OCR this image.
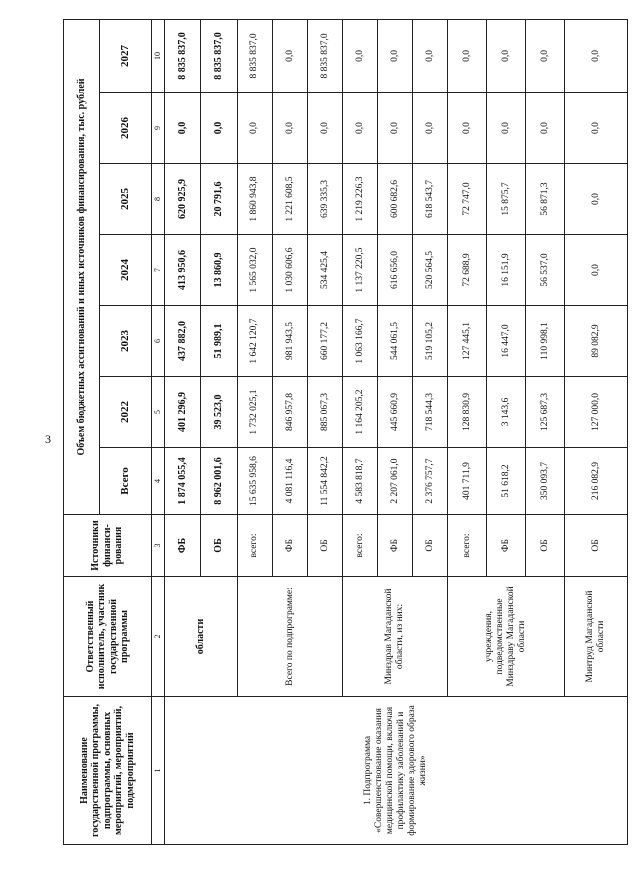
3
Наименование государственной программы, подпрограммы, основных мероприятий, мероприятий, подмероприятий	Ответственный исполнитель, участник государственной программы	Источники финанси-рования	Объем бюджетных ассигнований и иных источников финансирования, тыс. рублей						
			Всего	2022	2023	2024	2025	2026	2027
1	2	3	4	5	6	7	8	9	10
1. Подпрограмма «Совершенствование оказания медицинской помощи, включая профилактику заболеваний и формирование здорового образа жизни»	области	ФБ	1 874 055,4	401 296,9	437 882,0	413 950,6	620 925,9	0,0	8 835 837,0
		ОБ	8 962 001,6	39 523,0	51 989,1	13 860,9	20 791,6	0,0	8 835 837,0
	Всего по подпрограмме:	всего:	15 635 958,6	1 732 025,1	1 642 120,7	1 565 032,0	1 860 943,8	0,0	8 835 837,0
		ФБ	4 081 116,4	846 957,8	981 943,5	1 030 606,6	1 221 608,5	0,0	0,0
		ОБ	11 554 842,2	885 067,3	660 177,2	534 425,4	639 335,3	0,0	8 835 837,0
	Минздрав Магаданской области, из них:	всего:	4 583 818,7	1 164 205,2	1 063 166,7	1 137 220,5	1 219 226,3	0,0	0,0
		ФБ	2 207 061,0	445 660,9	544 061,5	616 656,0	600 682,6	0,0	0,0
		ОБ	2 376 757,7	718 544,3	519 105,2	520 564,5	618 543,7	0,0	0,0
	учреждения, подведомственные Минздраву Магаданской области	всего:	401 711,9	128 830,9	127 445,1	72 688,9	72 747,0	0,0	0,0
		ФБ	51 618,2	3 143,6	16 447,0	16 151,9	15 875,7	0,0	0,0
		ОБ	350 093,7	125 687,3	110 998,1	56 537,0	56 871,3	0,0	0,0
	Минтруд Магаданской области	ОБ	216 082,9	127 000,0	89 082,9	0,0	0,0	0,0	0,0
